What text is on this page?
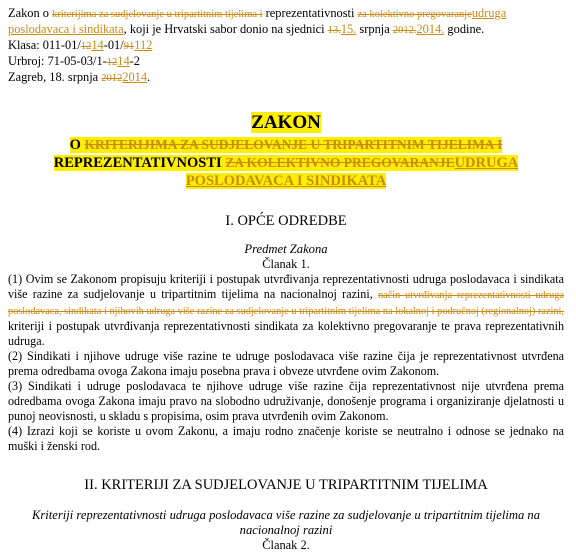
Zakon o kriterijima za sudjelovanje u tripartitnim tijelima i reprezentativnosti za kolektivno pregovaranjeudruga
poslodavaca i sindikata, koji je Hrvatski sabor donio na sjednici 13.15. srpnja 2012.2014. godine.
Klasa: 011-01/1214-01/91112
Urbroj: 71-05-03/1-1214-2
Zagreb, 18. srpnja 20122014.
ZAKON
O KRITERIJIMA ZA SUDJELOVANJE U TRIPARTITNIM TIJELIMA I
REPREZENTATIVNOSTI ZA KOLEKTIVNO PREGOVARANJEUDRUGA
POSLODAVACA I SINDIKATA
I. OPĆE ODREDBE
Predmet Zakona
Članak 1.
(1) Ovim se Zakonom propisuju kriteriji i postupak utvrđivanja reprezentativnosti udruga poslodavaca i sindikata više razine za sudjelovanje u tripartitnim tijelima na nacionalnoj razini, način utvrđivanja reprezentativnosti udruga poslodavaca, sindikata i njihovih udruga više razine za sudjelovanje u tripartitnim tijelima na lokalnoj i područnoj (regionalnoj) razini, kriteriji i postupak utvrđivanja reprezentativnosti sindikata za kolektivno pregovaranje te prava reprezentativnih udruga.
(2) Sindikati i njihove udruge više razine te udruge poslodavaca više razine čija je reprezentativnost utvrđena prema odredbama ovoga Zakona imaju posebna prava i obveze utvrđene ovim Zakonom.
(3) Sindikati i udruge poslodavaca te njihove udruge više razine čija reprezentativnost nije utvrđena prema odredbama ovoga Zakona imaju pravo na slobodno udruživanje, donošenje programa i organiziranje djelatnosti u punoj neovisnosti, u skladu s propisima, osim prava utvrđenih ovim Zakonom.
(4) Izrazi koji se koriste u ovom Zakonu, a imaju rodno značenje koriste se neutralno i odnose se jednako na muški i ženski rod.
II. KRITERIJI ZA SUDJELOVANJE U TRIPARTITNIM TIJELIMA
Kriteriji reprezentativnosti udruga poslodavaca više razine za sudjelovanje u tripartitnim tijelima na nacionalnoj razini
Članak 2.
